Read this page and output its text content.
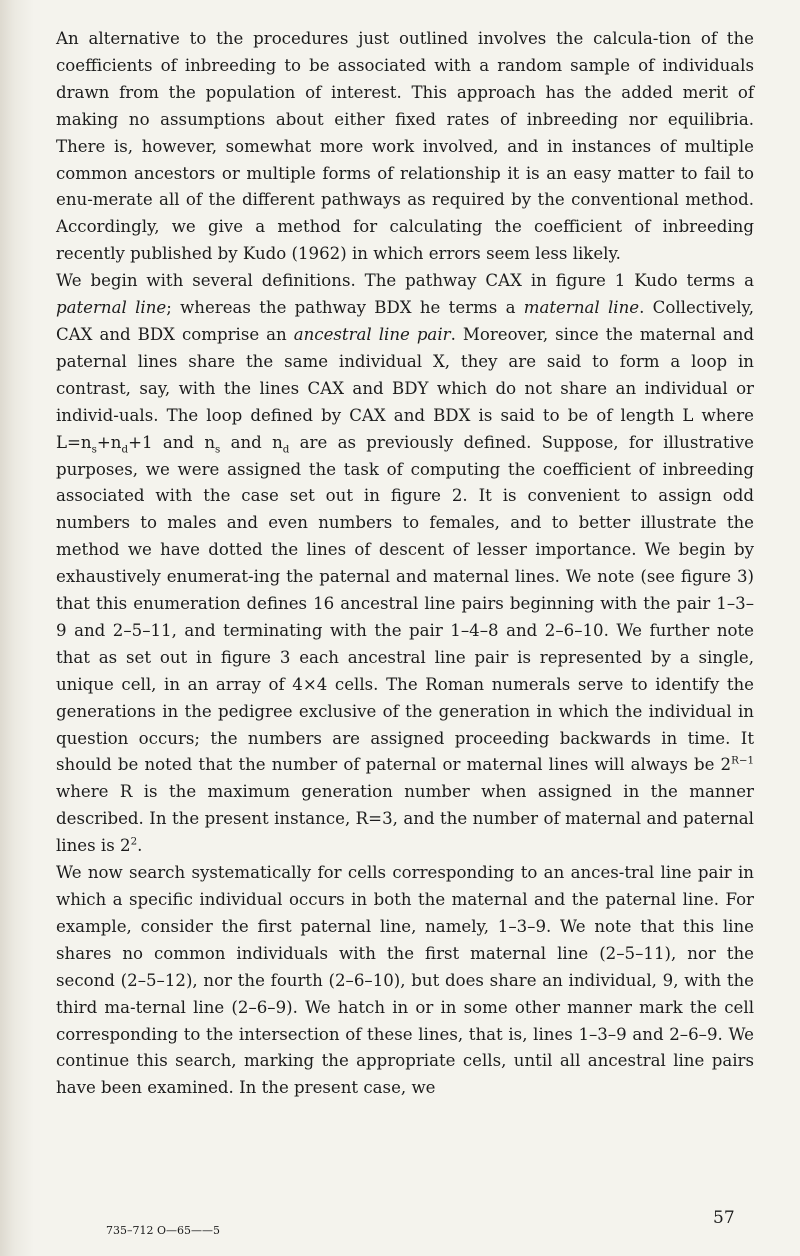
An alternative to the procedures just outlined involves the calcula-tion of the coefficients of inbreeding to be associated with a random sample of individuals drawn from the population of interest. This approach has the added merit of making no assumptions about either fixed rates of inbreeding nor equilibria. There is, however, somewhat more work involved, and in instances of multiple common ancestors or multiple forms of relationship it is an easy matter to fail to enu-merate all of the different pathways as required by the conventional method. Accordingly, we give a method for calculating the coefficient of inbreeding recently published by Kudo (1962) in which errors seem less likely.

We begin with several definitions. The pathway CAX in figure 1 Kudo terms a paternal line; whereas the pathway BDX he terms a maternal line. Collectively, CAX and BDX comprise an ancestral line pair. Moreover, since the maternal and paternal lines share the same individual X, they are said to form a loop in contrast, say, with the lines CAX and BDY which do not share an individual or individ-uals. The loop defined by CAX and BDX is said to be of length L where $L=n_s+n_d+1$ and $n_s$ and $n_d$ are as previously defined. Suppose, for illustrative purposes, we were assigned the task of computing the coefficient of inbreeding associated with the case set out in figure 2. It is convenient to assign odd numbers to males and even numbers to females, and to better illustrate the method we have dotted the lines of descent of lesser importance. We begin by exhaustively enumerat-ing the paternal and maternal lines. We note (see figure 3) that this enumeration defines 16 ancestral line pairs beginning with the pair 1–3–9 and 2–5–11, and terminating with the pair 1–4–8 and 2–6–10. We further note that as set out in figure 3 each ancestral line pair is represented by a single, unique cell, in an array of 4×4 cells. The Roman numerals serve to identify the generations in the pedigree exclusive of the generation in which the individual in question occurs; the numbers are assigned proceeding backwards in time. It should be noted that the number of paternal or maternal lines will always be $2^{R-1}$ where R is the maximum generation number when assigned in the manner described. In the present instance, R=3, and the number of maternal and paternal lines is $2^2$.

We now search systematically for cells corresponding to an ances-tral line pair in which a specific individual occurs in both the maternal and the paternal line. For example, consider the first paternal line, namely, 1–3–9. We note that this line shares no common individuals with the first maternal line (2–5–11), nor the second (2–5–12), nor the fourth (2–6–10), but does share an individual, 9, with the third ma-ternal line (2–6–9). We hatch in or in some other manner mark the cell corresponding to the intersection of these lines, that is, lines 1–3–9 and 2–6–9. We continue this search, marking the appropriate cells, until all ancestral line pairs have been examined. In the present case, we

735–712 O—65——5
57
